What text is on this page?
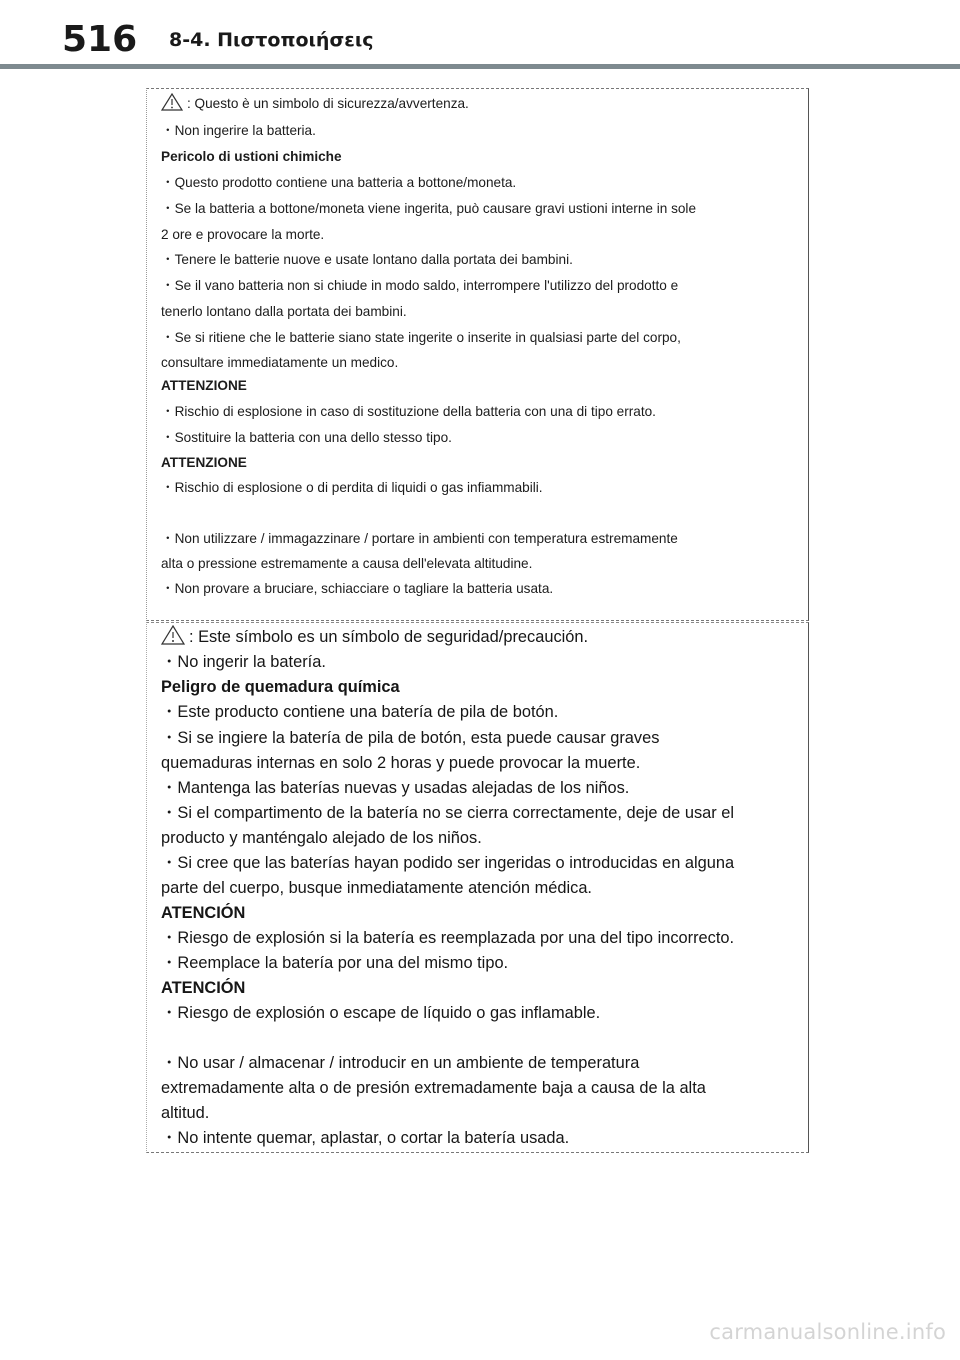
516 8-4. Πιστοποιήσεις
: Questo è un simbolo di sicurezza/avvertenza.
・Non ingerire la batteria.
Pericolo di ustioni chimiche
・Questo prodotto contiene una batteria a bottone/moneta.
・Se la batteria a bottone/moneta viene ingerita, può causare gravi ustioni interne in sole
2 ore e provocare la morte.
・Tenere le batterie nuove e usate lontano dalla portata dei bambini.
・Se il vano batteria non si chiude in modo saldo, interrompere l'utilizzo del prodotto e
tenerlo lontano dalla portata dei bambini.
・Se si ritiene che le batterie siano state ingerite o inserite in qualsiasi parte del corpo,
consultare immediatamente un medico.
ATTENZIONE
・Rischio di esplosione in caso di sostituzione della batteria con una di tipo errato.
・Sostituire la batteria con una dello stesso tipo.
ATTENZIONE
・Rischio di esplosione o di perdita di liquidi o gas infiammabili.
・Non utilizzare / immagazzinare / portare in ambienti con temperatura estremamente
alta o pressione estremamente a causa dell'elevata altitudine.
・Non provare a bruciare, schiacciare o tagliare la batteria usata.
: Este símbolo es un símbolo de seguridad/precaución.
・No ingerir la batería.
Peligro de quemadura química
・Este producto contiene una batería de pila de botón.
・Si se ingiere la batería de pila de botón, esta puede causar graves
quemaduras internas en solo 2 horas y puede provocar la muerte.
・Mantenga las baterías nuevas y usadas alejadas de los niños.
・Si el compartimento de la batería no se cierra correctamente, deje de usar el
producto y manténgalo alejado de los niños.
・Si cree que las baterías hayan podido ser ingeridas o introducidas en alguna
parte del cuerpo, busque inmediatamente atención médica.
ATENCIÓN
・Riesgo de explosión si la batería es reemplazada por una del tipo incorrecto.
・Reemplace la batería por una del mismo tipo.
ATENCIÓN
・Riesgo de explosión o escape de líquido o gas inflamable.
・No usar / almacenar / introducir en un ambiente de temperatura
extremadamente alta o de presión extremadamente baja a causa de la alta
altitud.
・No intente quemar, aplastar, o cortar la batería usada.
carmanualsonline.info
